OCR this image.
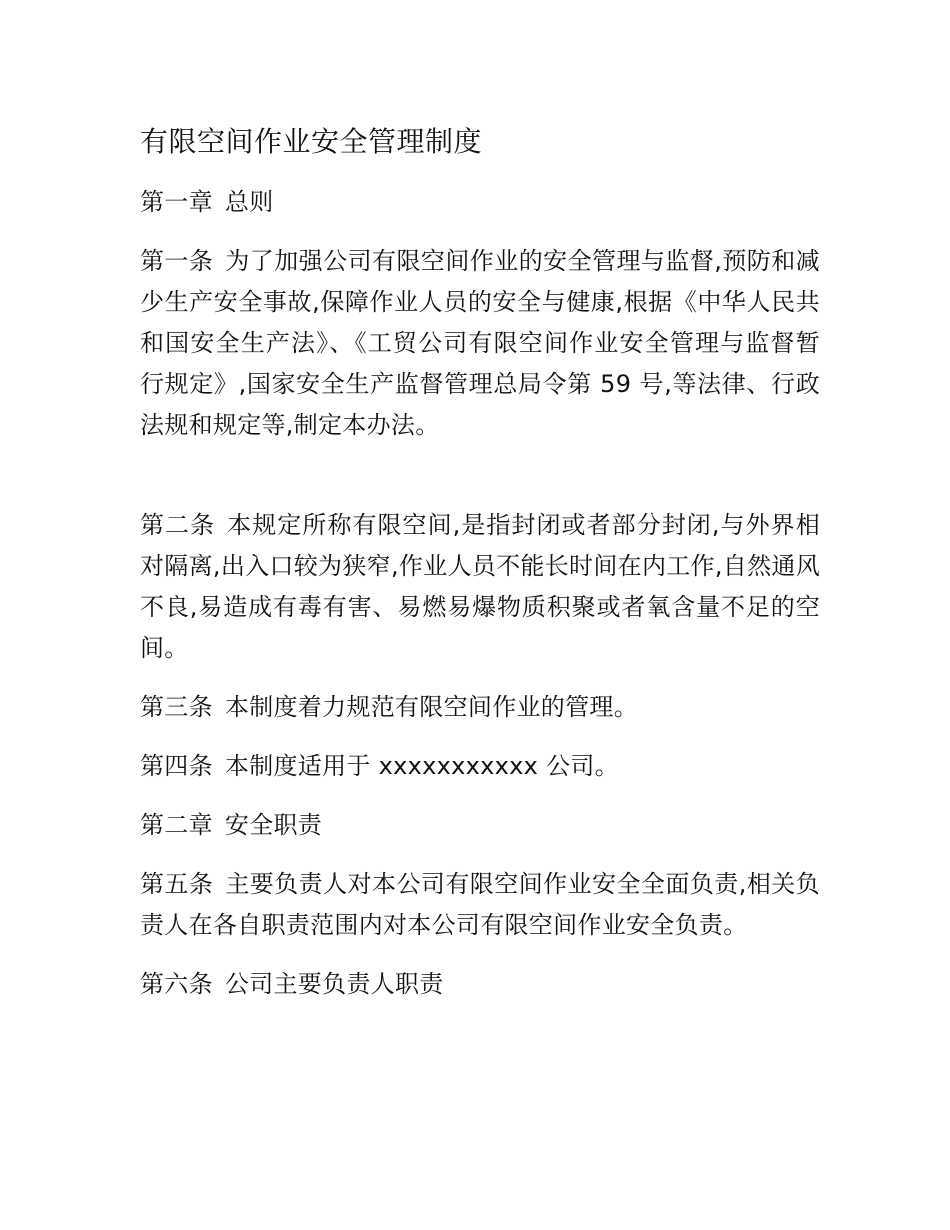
有限空间作业安全管理制度

第一章 总则

第一条 为了加强公司有限空间作业的安全管理与监督,预防和减少生产安全事故,保障作业人员的安全与健康,根据《中华人民共和国安全生产法》、《工贸公司有限空间作业安全管理与监督暂行规定》,国家安全生产监督管理总局令第 59 号,等法律、行政法规和规定等,制定本办法。

第二条 本规定所称有限空间,是指封闭或者部分封闭,与外界相对隔离,出入口较为狭窄,作业人员不能长时间在内工作,自然通风不良,易造成有毒有害、易燃易爆物质积聚或者氧含量不足的空间。

第三条 本制度着力规范有限空间作业的管理。

第四条 本制度适用于 xxxxxxxxxxx 公司。

第二章 安全职责

第五条 主要负责人对本公司有限空间作业安全全面负责,相关负责人在各自职责范围内对本公司有限空间作业安全负责。

第六条 公司主要负责人职责
